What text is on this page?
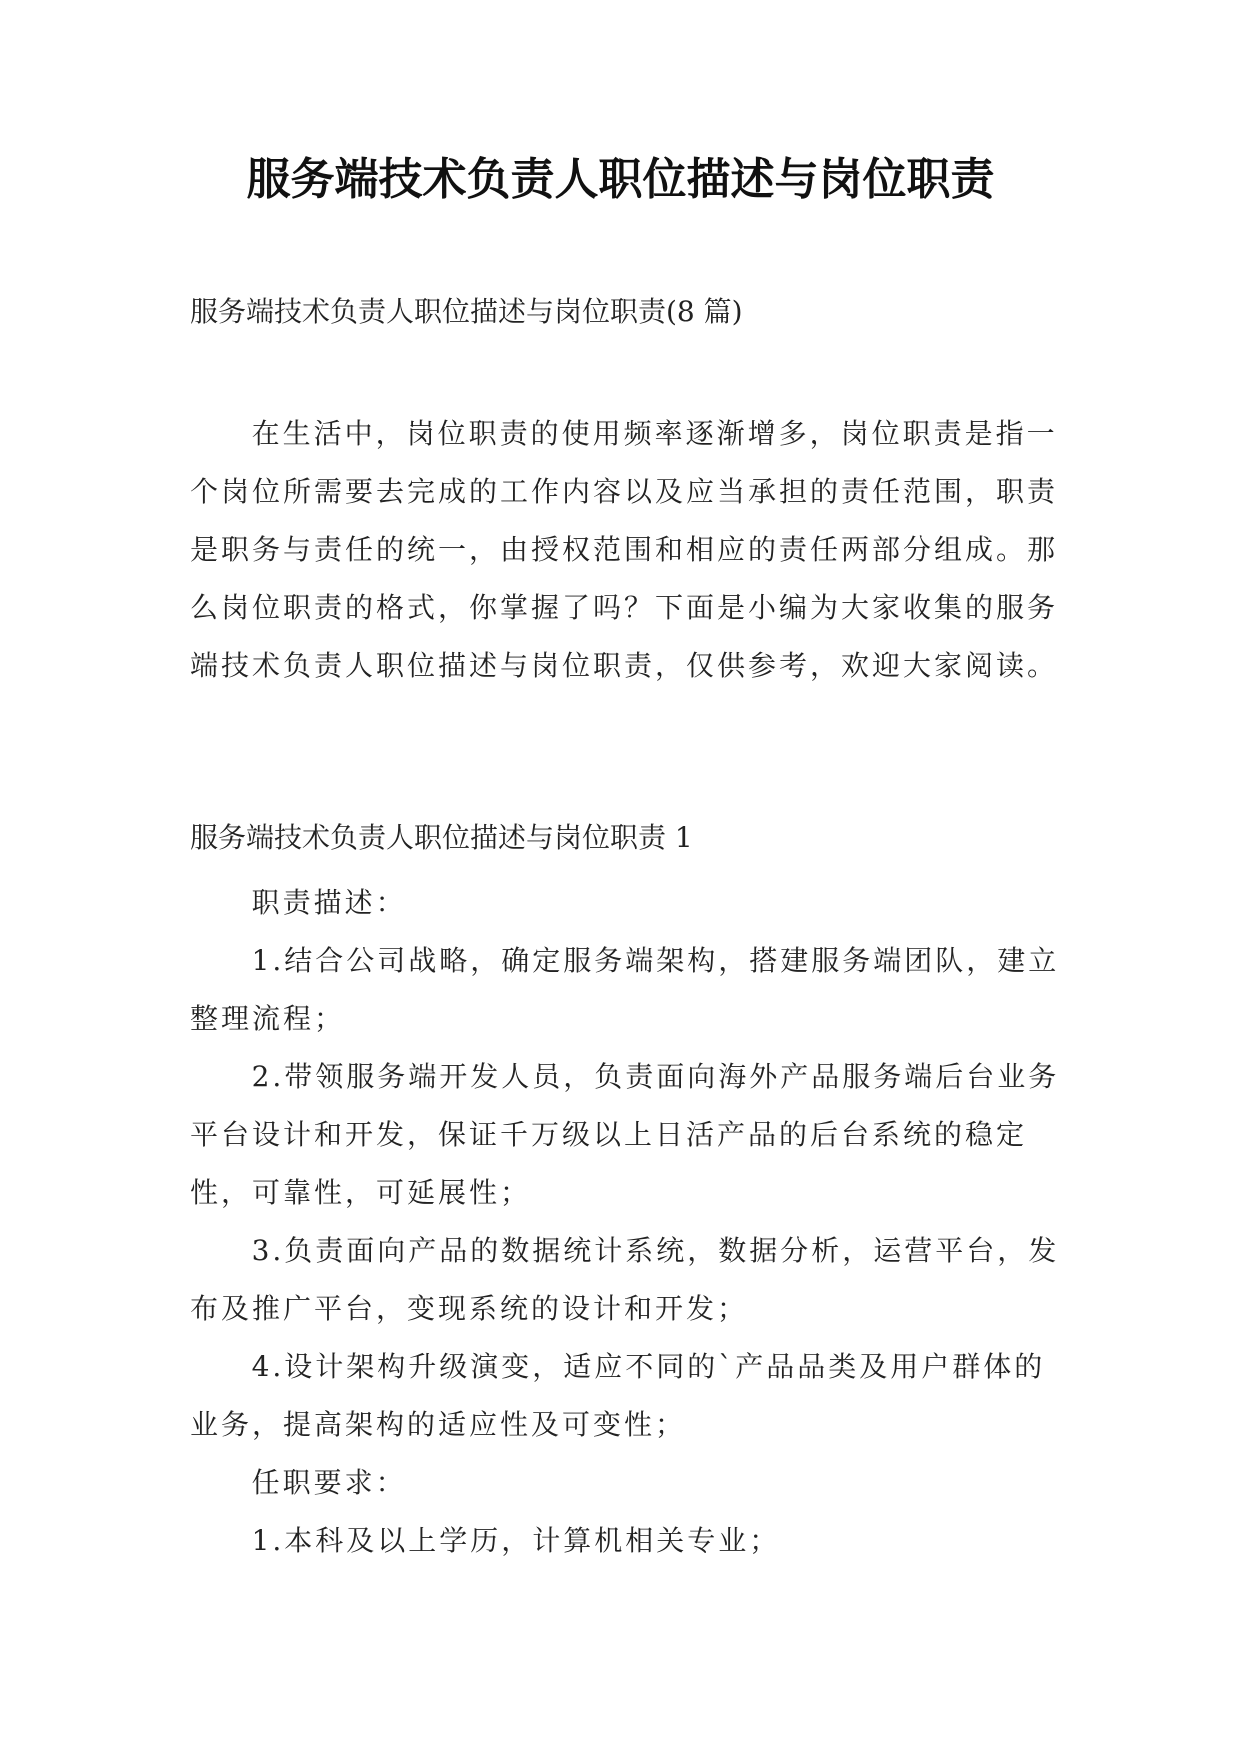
服务端技术负责人职位描述与岗位职责

服务端技术负责人职位描述与岗位职责(8 篇)

在生活中，岗位职责的使用频率逐渐增多，岗位职责是指一个岗位所需要去完成的工作内容以及应当承担的责任范围，职责是职务与责任的统一，由授权范围和相应的责任两部分组成。那么岗位职责的格式，你掌握了吗？下面是小编为大家收集的服务端技术负责人职位描述与岗位职责，仅供参考，欢迎大家阅读。

服务端技术负责人职位描述与岗位职责 1

职责描述：

1.结合公司战略，确定服务端架构，搭建服务端团队，建立整理流程；

2.带领服务端开发人员，负责面向海外产品服务端后台业务平台设计和开发，保证千万级以上日活产品的后台系统的稳定性，可靠性，可延展性；

3.负责面向产品的数据统计系统，数据分析，运营平台，发布及推广平台，变现系统的设计和开发；

4.设计架构升级演变，适应不同的`产品品类及用户群体的业务，提高架构的适应性及可变性；

任职要求：

1.本科及以上学历，计算机相关专业；
